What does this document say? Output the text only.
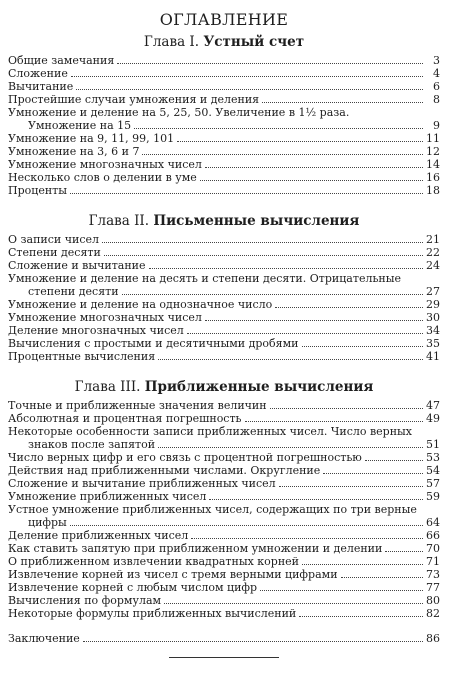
ОГЛАВЛЕНИЕ
Глава I. Устный счет
Общие замечания	3
Сложение	4
Вычитание	6
Простейшие случаи умножения и деления	8
Умножение и деление на 5, 25, 50. Увеличение в 1½ раза.
Умножение на 15	9
Умножение на 9, 11, 99, 101	11
Умножение на 3, 6 и 7	12
Умножение многозначных чисел	14
Несколько слов о делении в уме	16
Проценты	18
Глава II. Письменные вычисления
О записи чисел	21
Степени десяти	22
Сложение и вычитание	24
Умножение и деление на десять и степени десяти. Отрицательные
степени десяти	27
Умножение и деление на однозначное число	29
Умножение многозначных чисел	30
Деление многозначных чисел	34
Вычисления с простыми и десятичными дробями	35
Процентные вычисления	41
Глава III. Приближенные вычисления
Точные и приближенные значения величин	47
Абсолютная и процентная погрешность	49
Некоторые особенности записи приближенных чисел. Число верных
знаков после запятой	51
Число верных цифр и его связь с процентной погрешностью	53
Действия над приближенными числами. Округление	54
Сложение и вычитание приближенных чисел	57
Умножение приближенных чисел	59
Устное умножение приближенных чисел, содержащих по три верные
цифры	64
Деление приближенных чисел	66
Как ставить запятую при приближенном умножении и делении	70
О приближенном извлечении квадратных корней	71
Извлечение корней из чисел с тремя верными цифрами	73
Извлечение корней с любым числом цифр	77
Вычисления по формулам	80
Некоторые формулы приближенных вычислений	82
Заключение	86
